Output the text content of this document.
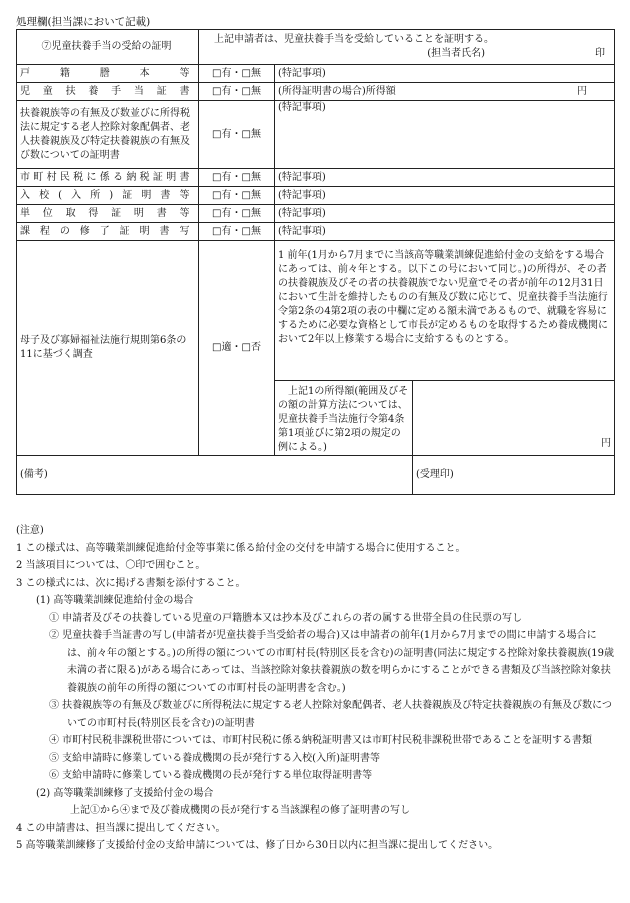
処理欄(担当課において記載)
⑦児童扶養手当の受給の証明	上記申請者は、児童扶養手当を受給していることを証明する。
(担当者氏名) 印		

戸籍謄本等	□有・□無	(特記事項)	
児童扶養手当証書	□有・□無	(所得証明書の場合)所得額 円	

扶養親族等の有無及び数並びに所得税法に規定する老人控除対象配偶者、老人扶養親族及び特定扶養親族の有無及び数についての証明書	□有・□無	(特記事項)	
市町村民税に係る納税証明書	□有・□無	(特記事項)	
入校(入所)証明書等	□有・□無	(特記事項)	
単位取得証明書等	□有・□無	(特記事項)	
課程の修了証明書写	□有・□無	(特記事項)	
母子及び寡婦福祉法施行規則第6条の11に基づく調査	□適・□否	1 前年(1月から7月までに当該高等職業訓練促進給付金の支給をする場合にあっては、前々年とする。以下この号において同じ。)の所得が、その者の扶養親族及びその者の扶養親族でない児童でその者が前年の12月31日において生計を維持したものの有無及び数に応じて、児童扶養手当法施行令第2条の4第2項の表の中欄に定める額未満であるもので、就職を容易にするために必要な資格として市長が定めるものを取得するため養成機関において2年以上修業する場合に支給するものとする。	
		上記1の所得額(範囲及びその額の計算方法については、児童扶養手当法施行令第4条第1項並びに第2項の規定の例による。)	円
(備考)			(受理印)

(注意)

1 この様式は、高等職業訓練促進給付金等事業に係る給付金の交付を申請する場合に使用すること。

2 当該項目については、〇印で囲むこと。

3 この様式には、次に掲げる書類を添付すること。

(1) 高等職業訓練促進給付金の場合

① 申請者及びその扶養している児童の戸籍謄本又は抄本及びこれらの者の属する世帯全員の住民票の写し

② 児童扶養手当証書の写し(申請者が児童扶養手当受給者の場合)又は申請者の前年(1月から7月までの間に申請する場合には、前々年の額とする。)の所得の額についての市町村長(特別区長を含む)の証明書(同法に規定する控除対象扶養親族(19歳未満の者に限る)がある場合にあっては、当該控除対象扶養親族の数を明らかにすることができる書類及び当該控除対象扶養親族の前年の所得の額についての市町村長の証明書を含む。)

③ 扶養親族等の有無及び数並びに所得税法に規定する老人控除対象配偶者、老人扶養親族及び特定扶養親族の有無及び数についての市町村長(特別区長を含む)の証明書

④ 市町村民税非課税世帯については、市町村民税に係る納税証明書又は市町村民税非課税世帯であることを証明する書類

⑤ 支給申請時に修業している養成機関の長が発行する入校(入所)証明書等

⑥ 支給申請時に修業している養成機関の長が発行する単位取得証明書等

(2) 高等職業訓練修了支援給付金の場合

上記①から④まで及び養成機関の長が発行する当該課程の修了証明書の写し

4 この申請書は、担当課に提出してください。

5 高等職業訓練修了支援給付金の支給申請については、修了日から30日以内に担当課に提出してください。
